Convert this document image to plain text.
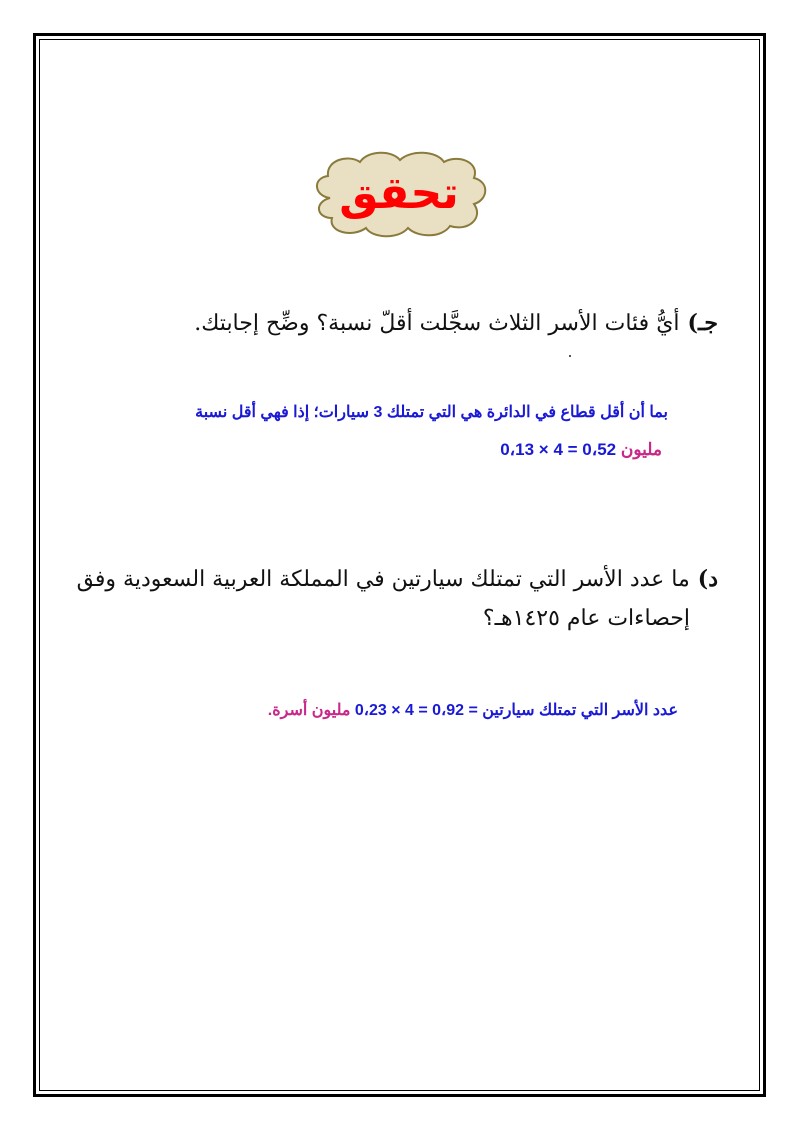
تحقق
جـ)أيُّ فئات الأسر الثلاث سجَّلت أقلّ نسبة؟ وضِّح إجابتك.
بما أن أقل قطاع في الدائرة هي التي تمتلك 3 سيارات؛ إذا فهي أقل نسبة
مليون 0،13 × 4 = 0،52
د)ما عدد الأسر التي تمتلك سيارتين في المملكة العربية السعودية وفق
إحصاءات عام ١٤٢٥هـ؟
عدد الأسر التي تمتلك سيارتين = 0،23 × 4 = 0،92 مليون أسرة.
